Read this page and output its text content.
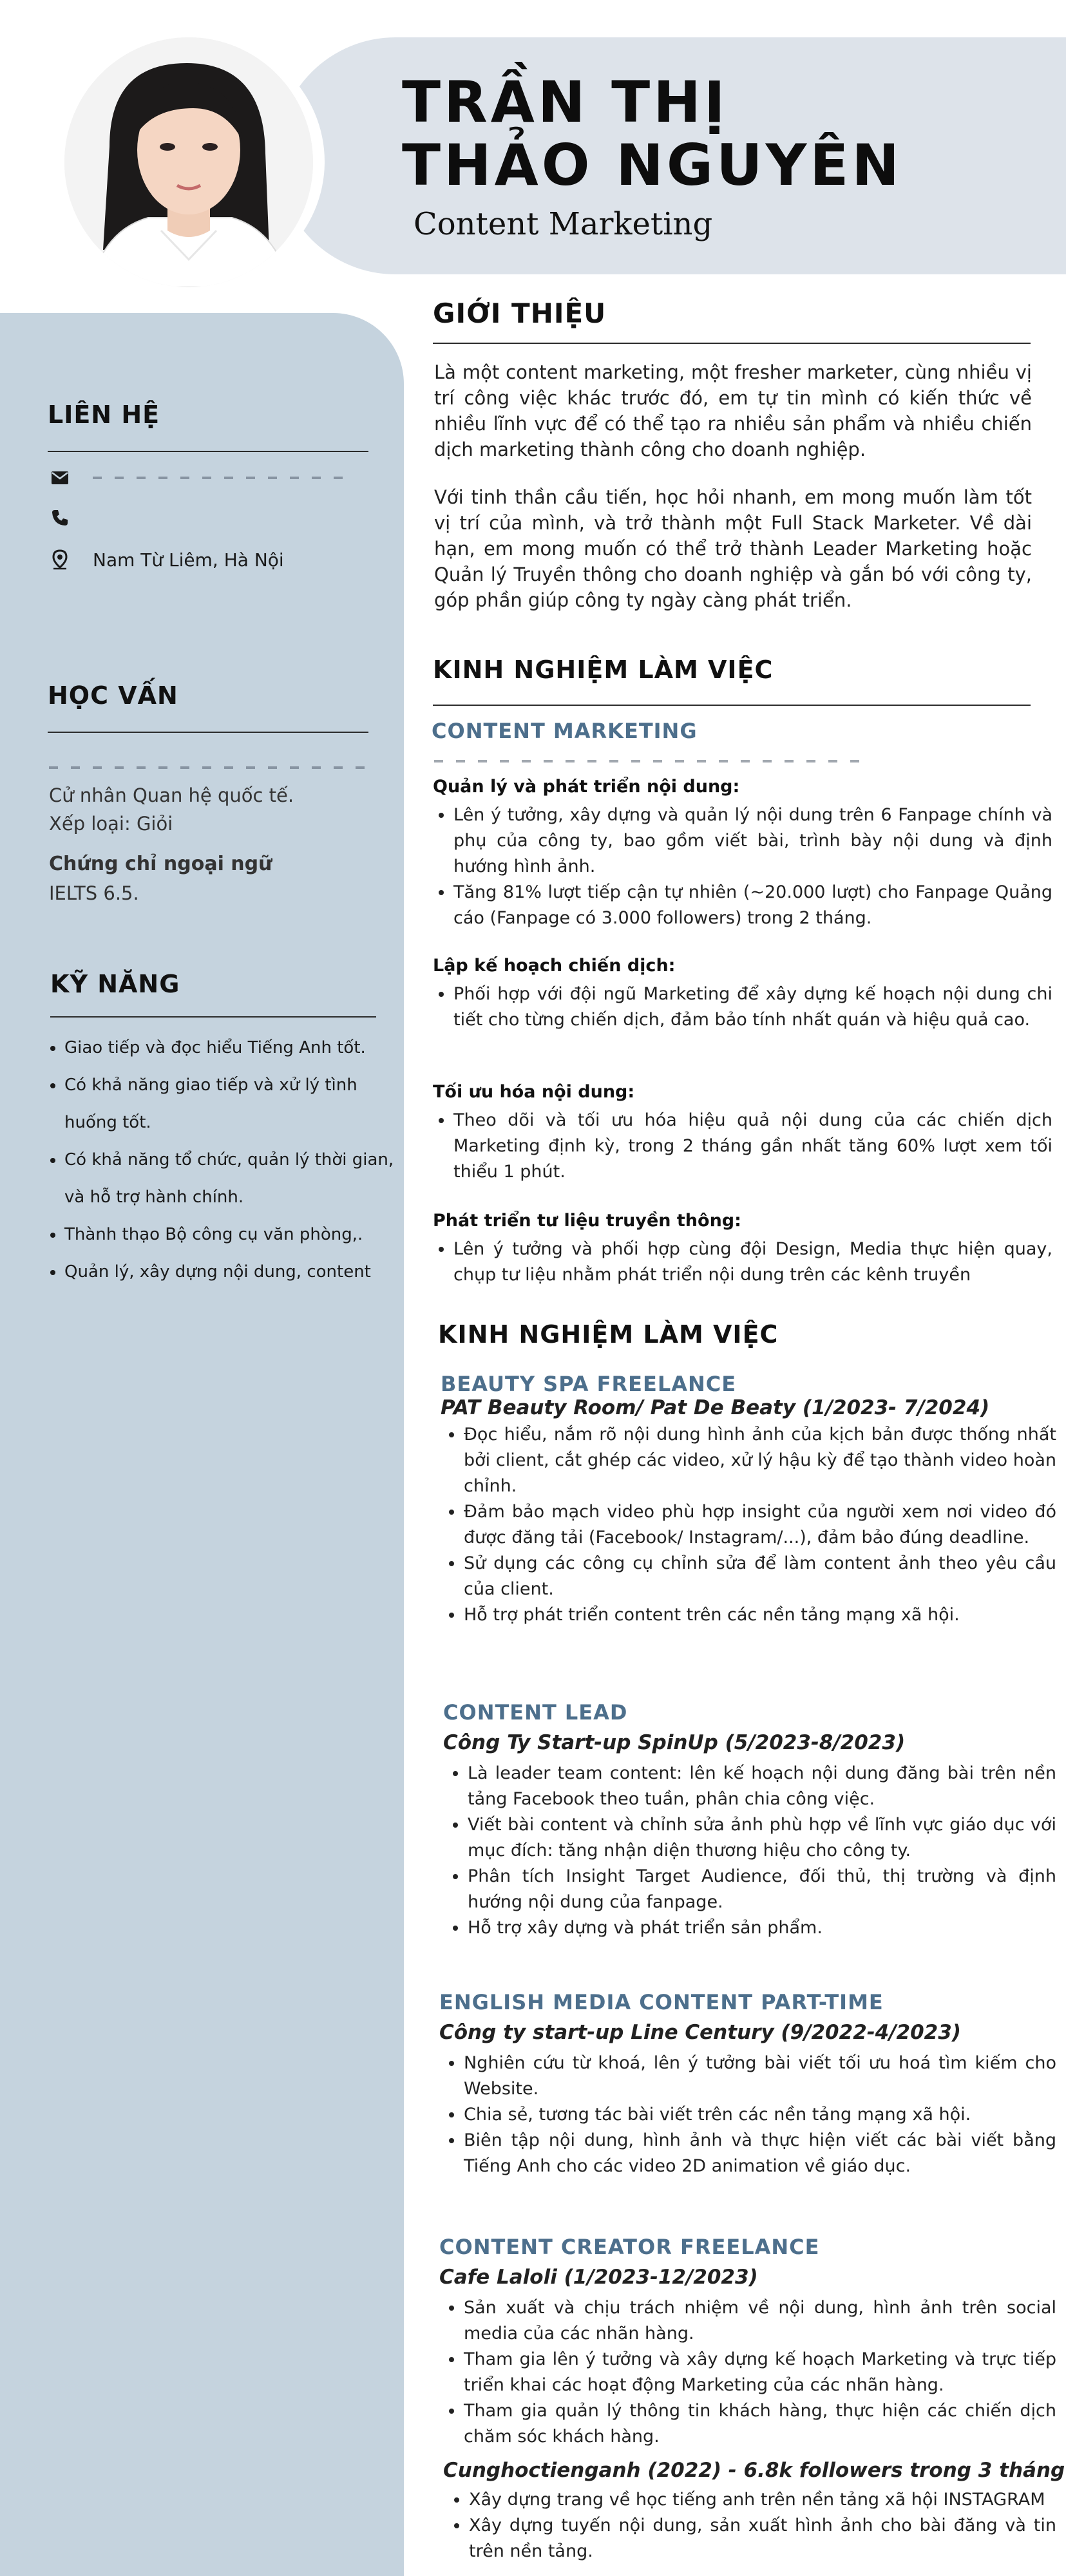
TRẦN THỊ
THẢO NGUYÊN
Content Marketing
LIÊN HỆ
Nam Từ Liêm, Hà Nội
HỌC VẤN
Cử nhân Quan hệ quốc tế.
Xếp loại: Giỏi
Chứng chỉ ngoại ngữ
IELTS 6.5.
KỸ NĂNG
• Giao tiếp và đọc hiểu Tiếng Anh tốt.
• Có khả năng giao tiếp và xử lý tình huống tốt.
• Có khả năng tổ chức, quản lý thời gian, và hỗ trợ hành chính.
• Thành thạo Bộ công cụ văn phòng,.
• Quản lý, xây dựng nội dung, content
GIỚI THIỆU

Là một content marketing, một fresher marketer, cùng nhiều vị trí công việc khác trước đó, em tự tin mình có kiến thức về nhiều lĩnh vực để có thể tạo ra nhiều sản phẩm và nhiều chiến dịch marketing thành công cho doanh nghiệp.

Với tinh thần cầu tiến, học hỏi nhanh, em mong muốn làm tốt vị trí của mình, và trở thành một Full Stack Marketer. Về dài hạn, em mong muốn có thể trở thành Leader Marketing hoặc Quản lý Truyền thông cho doanh nghiệp và gắn bó với công ty, góp phần giúp công ty ngày càng phát triển.

KINH NGHIỆM LÀM VIỆC
CONTENT MARKETING
Quản lý và phát triển nội dung:
• Lên ý tưởng, xây dựng và quản lý nội dung trên 6 Fanpage chính và phụ của công ty, bao gồm viết bài, trình bày nội dung và định hướng hình ảnh.
• Tăng 81% lượt tiếp cận tự nhiên (~20.000 lượt) cho Fanpage Quảng cáo (Fanpage có 3.000 followers) trong 2 tháng.
Lập kế hoạch chiến dịch:
• Phối hợp với đội ngũ Marketing để xây dựng kế hoạch nội dung chi tiết cho từng chiến dịch, đảm bảo tính nhất quán và hiệu quả cao.
Tối ưu hóa nội dung:
• Theo dõi và tối ưu hóa hiệu quả nội dung của các chiến dịch Marketing định kỳ, trong 2 tháng gần nhất tăng 60% lượt xem tối thiểu 1 phút.
Phát triển tư liệu truyền thông:
• Lên ý tưởng và phối hợp cùng đội Design, Media thực hiện quay, chụp tư liệu nhằm phát triển nội dung trên các kênh truyền
KINH NGHIỆM LÀM VIỆC
BEAUTY SPA FREELANCE
PAT Beauty Room/ Pat De Beaty (1/2023- 7/2024)
• Đọc hiểu, nắm rõ nội dung hình ảnh của kịch bản được thống nhất bởi client, cắt ghép các video, xử lý hậu kỳ để tạo thành video hoàn chỉnh.
• Đảm bảo mạch video phù hợp insight của người xem nơi video đó được đăng tải (Facebook/ Instagram/...), đảm bảo đúng deadline.
• Sử dụng các công cụ chỉnh sửa để làm content ảnh theo yêu cầu của client.
• Hỗ trợ phát triển content trên các nền tảng mạng xã hội.
CONTENT LEAD
Công Ty Start-up SpinUp (5/2023-8/2023)
• Là leader team content: lên kế hoạch nội dung đăng bài trên nền tảng Facebook theo tuần, phân chia công việc.
• Viết bài content và chỉnh sửa ảnh phù hợp về lĩnh vực giáo dục với mục đích: tăng nhận diện thương hiệu cho công ty.
• Phân tích Insight Target Audience, đối thủ, thị trường và định hướng nội dung của fanpage.
• Hỗ trợ xây dựng và phát triển sản phẩm.
ENGLISH MEDIA CONTENT PART-TIME
Công ty start-up Line Century (9/2022-4/2023)
• Nghiên cứu từ khoá, lên ý tưởng bài viết tối ưu hoá tìm kiếm cho Website.
• Chia sẻ, tương tác bài viết trên các nền tảng mạng xã hội.
• Biên tập nội dung, hình ảnh và thực hiện viết các bài viết bằng Tiếng Anh cho các video 2D animation về giáo dục.
CONTENT CREATOR FREELANCE
Cafe Laloli (1/2023-12/2023)
• Sản xuất và chịu trách nhiệm về nội dung, hình ảnh trên social media của các nhãn hàng.
• Tham gia lên ý tưởng và xây dựng kế hoạch Marketing và trực tiếp triển khai các hoạt động Marketing của các nhãn hàng.
• Tham gia quản lý thông tin khách hàng, thực hiện các chiến dịch chăm sóc khách hàng.
Cunghoctienganh (2022) - 6.8k followers trong 3 tháng
• Xây dựng trang về học tiếng anh trên nền tảng xã hội INSTAGRAM
• Xây dựng tuyến nội dung, sản xuất hình ảnh cho bài đăng và tin trên nền tảng.
